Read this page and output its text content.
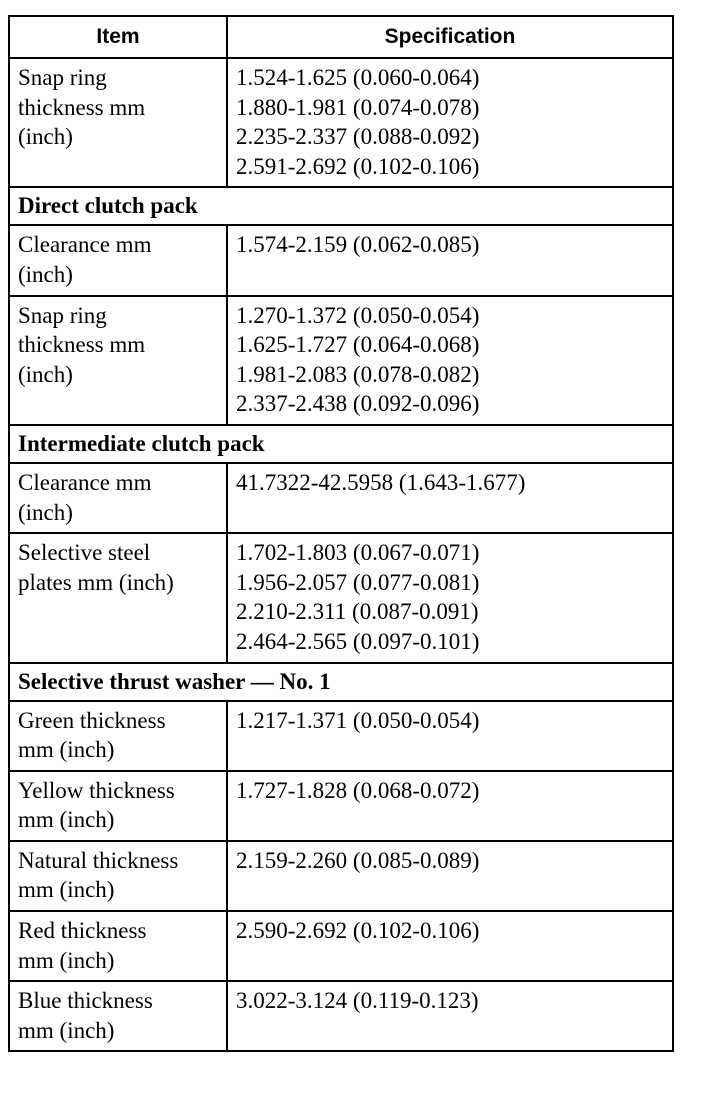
Item	Specification
Snap ring
thickness mm
(inch)	1.524-1.625 (0.060-0.064)
1.880-1.981 (0.074-0.078)
2.235-2.337 (0.088-0.092)
2.591-2.692 (0.102-0.106)

Direct clutch pack	
Clearance mm
(inch)	1.574-2.159 (0.062-0.085)

Snap ring
thickness mm
(inch)	1.270-1.372 (0.050-0.054)
1.625-1.727 (0.064-0.068)
1.981-2.083 (0.078-0.082)
2.337-2.438 (0.092-0.096)

Intermediate clutch pack	
Clearance mm
(inch)	41.7322-42.5958 (1.643-1.677)

Selective steel
plates mm (inch)	1.702-1.803 (0.067-0.071)
1.956-2.057 (0.077-0.081)
2.210-2.311 (0.087-0.091)
2.464-2.565 (0.097-0.101)

Selective thrust washer — No. 1	
Green thickness
mm (inch)	1.217-1.371 (0.050-0.054)

Yellow thickness
mm (inch)	1.727-1.828 (0.068-0.072)

Natural thickness
mm (inch)	2.159-2.260 (0.085-0.089)

Red thickness
mm (inch)	2.590-2.692 (0.102-0.106)

Blue thickness
mm (inch)	3.022-3.124 (0.119-0.123)
